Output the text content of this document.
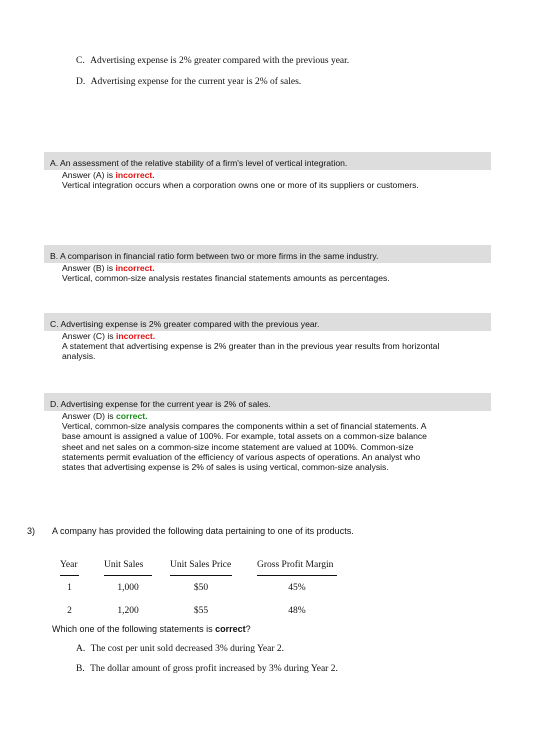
C. Advertising expense is 2% greater compared with the previous year.
D. Advertising expense for the current year is 2% of sales.
A. An assessment of the relative stability of a firm's level of vertical integration.
Answer (A) is incorrect.
Vertical integration occurs when a corporation owns one or more of its suppliers or customers.
B. A comparison in financial ratio form between two or more firms in the same industry.
Answer (B) is incorrect.
Vertical, common-size analysis restates financial statements amounts as percentages.
C. Advertising expense is 2% greater compared with the previous year.
Answer (C) is incorrect.
A statement that advertising expense is 2% greater than in the previous year results from horizontal
analysis.
D. Advertising expense for the current year is 2% of sales.
Answer (D) is correct.
Vertical, common-size analysis compares the components within a set of financial statements. A
base amount is assigned a value of 100%. For example, total assets on a common-size balance
sheet and net sales on a common-size income statement are valued at 100%. Common-size
statements permit evaluation of the efficiency of various aspects of operations. An analyst who
states that advertising expense is 2% of sales is using vertical, common-size analysis.
3) A company has provided the following data pertaining to one of its products.
Year	Unit Sales	Unit Sales Price	Gross Profit Margin
1	1,000	$50	45%
2	1,200	$55	48%
Which one of the following statements is correct?
A. The cost per unit sold decreased 3% during Year 2.
B. The dollar amount of gross profit increased by 3% during Year 2.
